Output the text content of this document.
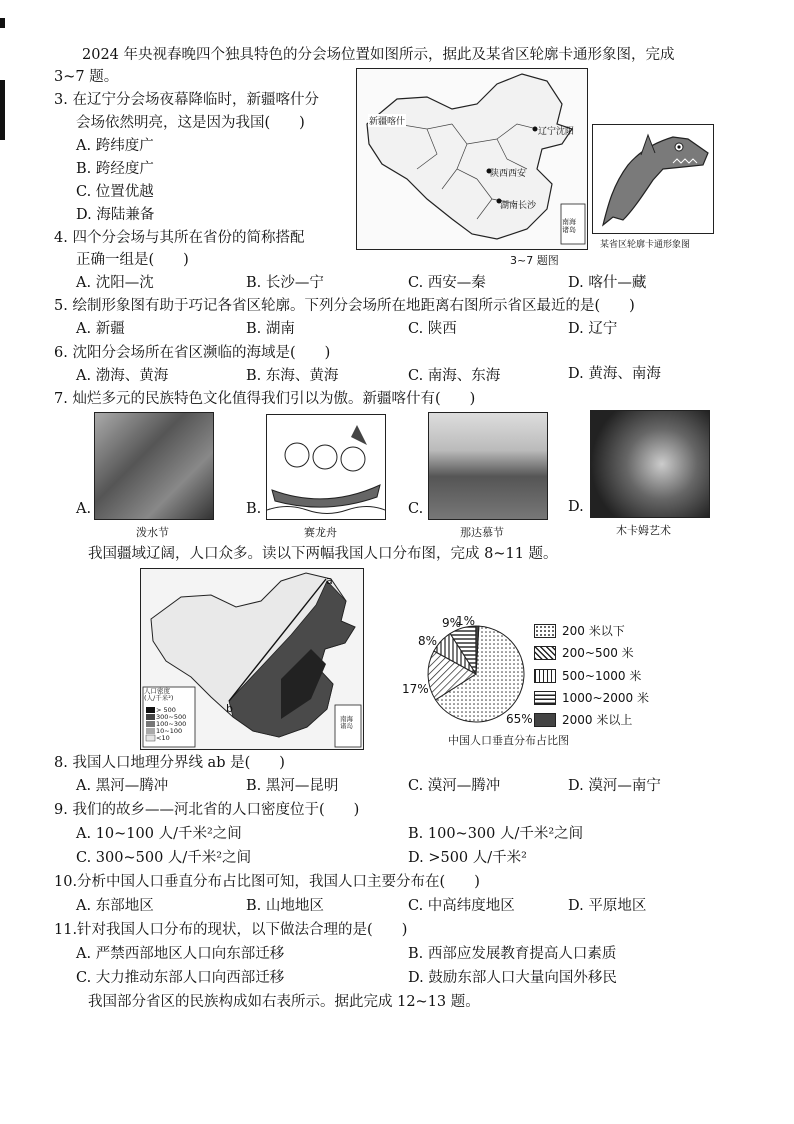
2024 年央视春晚四个独具特色的分会场位置如图所示，据此及某省区轮廓卡通形象图，完成
3~7 题。
3. 在辽宁分会场夜幕降临时，新疆喀什分
会场依然明亮，这是因为我国(　　)
A. 跨纬度广
B. 跨经度广
C. 位置优越
D. 海陆兼备
4. 四个分会场与其所在省份的简称搭配
正确一组是(　　)
新疆喀什
辽宁沈阳
陕西西安
湖南长沙
南海
诸岛
3~7 题图
某省区轮廓卡通形象图
A. 沈阳—沈	B. 长沙—宁	C. 西安—秦	D. 喀什—藏
5. 绘制形象图有助于巧记各省区轮廓。下列分会场所在地距离右图所示省区最近的是(　　)
A. 新疆	B. 湖南	C. 陕西	D. 辽宁
6. 沈阳分会场所在省区濒临的海域是(　　)
A. 渤海、黄海	B. 东海、黄海	C. 南海、东海	D. 黄海、南海
7. 灿烂多元的民族特色文化值得我们引以为傲。新疆喀什有(　　)
A.
泼水节
B.
赛龙舟
C.
那达慕节
D.
木卡姆艺术
我国疆域辽阔，人口众多。读以下两幅我国人口分布图，完成 8~11 题。
人口密度
(人/千米²)
> 500
300~500
100~300
10~100
<10
a
b
南海
诸岛
1%
9%
8%
17%
65%
中国人口垂直分布占比图
200 米以下
200~500 米
500~1000 米
1000~2000 米
2000 米以上
8. 我国人口地理分界线 ab 是(　　)
A. 黑河—腾冲	B. 黑河—昆明	C. 漠河—腾冲	D. 漠河—南宁
9. 我们的故乡——河北省的人口密度位于(　　)
A. 10~100 人/千米²之间	B. 100~300 人/千米²之间
C. 300~500 人/千米²之间	D. >500 人/千米²
10.分析中国人口垂直分布占比图可知，我国人口主要分布在(　　)
A. 东部地区	B. 山地地区	C. 中高纬度地区	D. 平原地区
11.针对我国人口分布的现状，以下做法合理的是(　　)
A. 严禁西部地区人口向东部迁移	B. 西部应发展教育提高人口素质
C. 大力推动东部人口向西部迁移	D. 鼓励东部人口大量向国外移民
我国部分省区的民族构成如右表所示。据此完成 12~13 题。
